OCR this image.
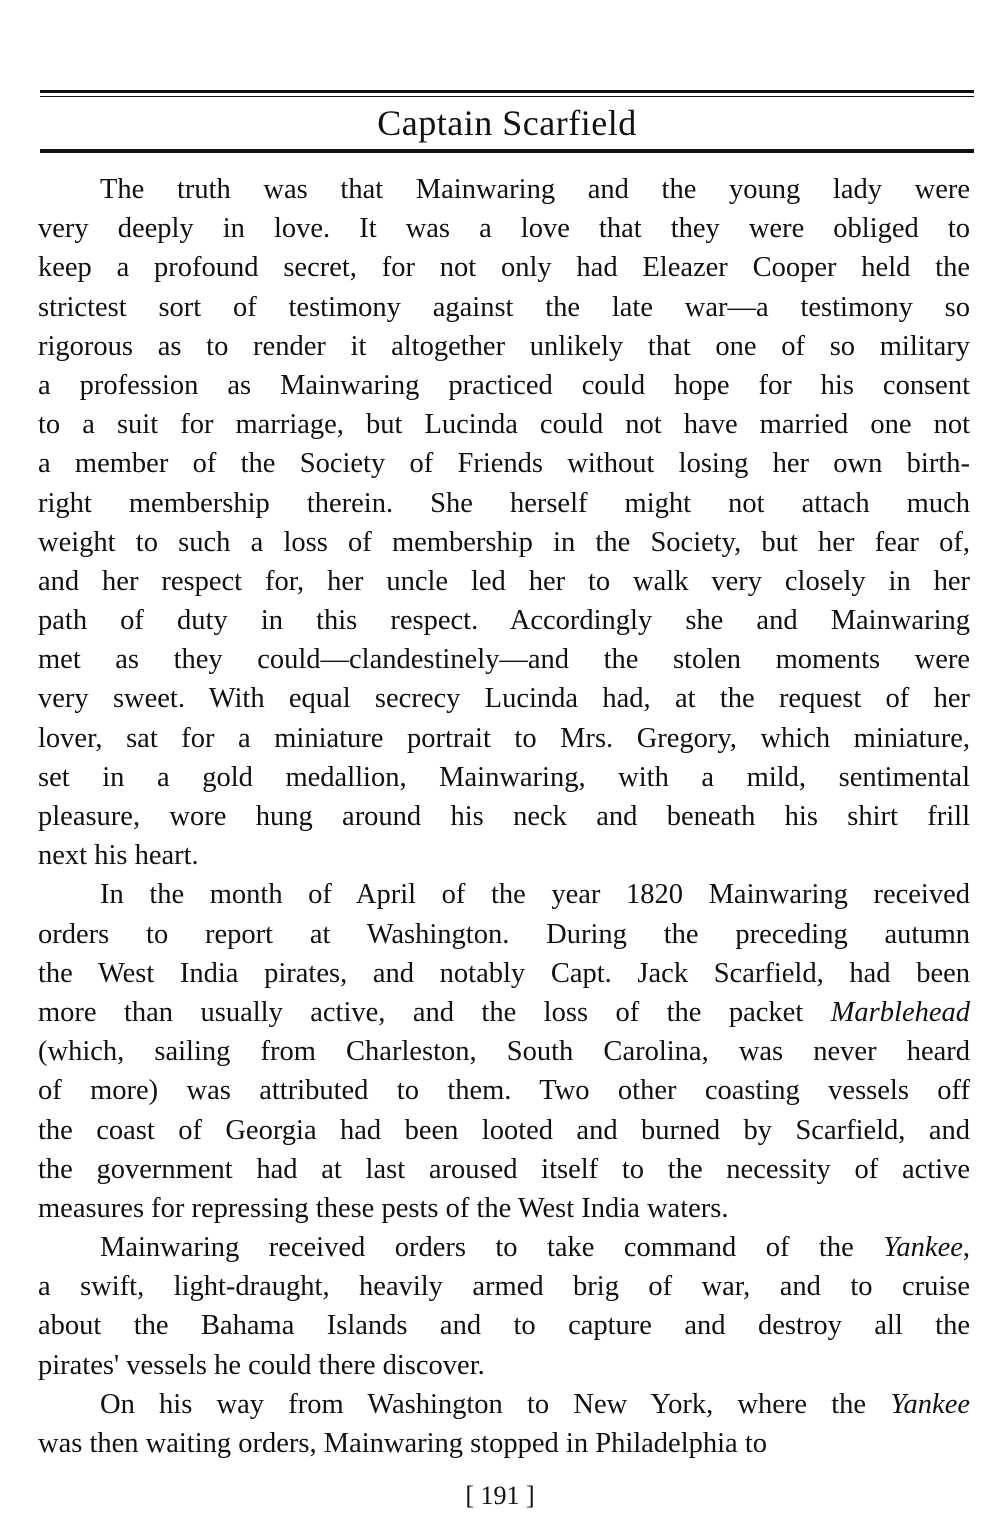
Captain Scarfield
The truth was that Mainwaring and the young lady were
very deeply in love. It was a love that they were obliged to
keep a profound secret, for not only had Eleazer Cooper held the
strictest sort of testimony against the late war—a testimony so
rigorous as to render it altogether unlikely that one of so military
a profession as Mainwaring practiced could hope for his consent
to a suit for marriage, but Lucinda could not have married one not
a member of the Society of Friends without losing her own birth-
right membership therein. She herself might not attach much
weight to such a loss of membership in the Society, but her fear of,
and her respect for, her uncle led her to walk very closely in her
path of duty in this respect. Accordingly she and Mainwaring
met as they could—clandestinely—and the stolen moments were
very sweet. With equal secrecy Lucinda had, at the request of her
lover, sat for a miniature portrait to Mrs. Gregory, which miniature,
set in a gold medallion, Mainwaring, with a mild, sentimental
pleasure, wore hung around his neck and beneath his shirt frill
next his heart.
In the month of April of the year 1820 Mainwaring received
orders to report at Washington. During the preceding autumn
the West India pirates, and notably Capt. Jack Scarfield, had been
more than usually active, and the loss of the packet Marblehead
(which, sailing from Charleston, South Carolina, was never heard
of more) was attributed to them. Two other coasting vessels off
the coast of Georgia had been looted and burned by Scarfield, and
the government had at last aroused itself to the necessity of active
measures for repressing these pests of the West India waters.
Mainwaring received orders to take command of the Yankee,
a swift, light-draught, heavily armed brig of war, and to cruise
about the Bahama Islands and to capture and destroy all the
pirates' vessels he could there discover.
On his way from Washington to New York, where the Yankee
was then waiting orders, Mainwaring stopped in Philadelphia to
[ 191 ]
